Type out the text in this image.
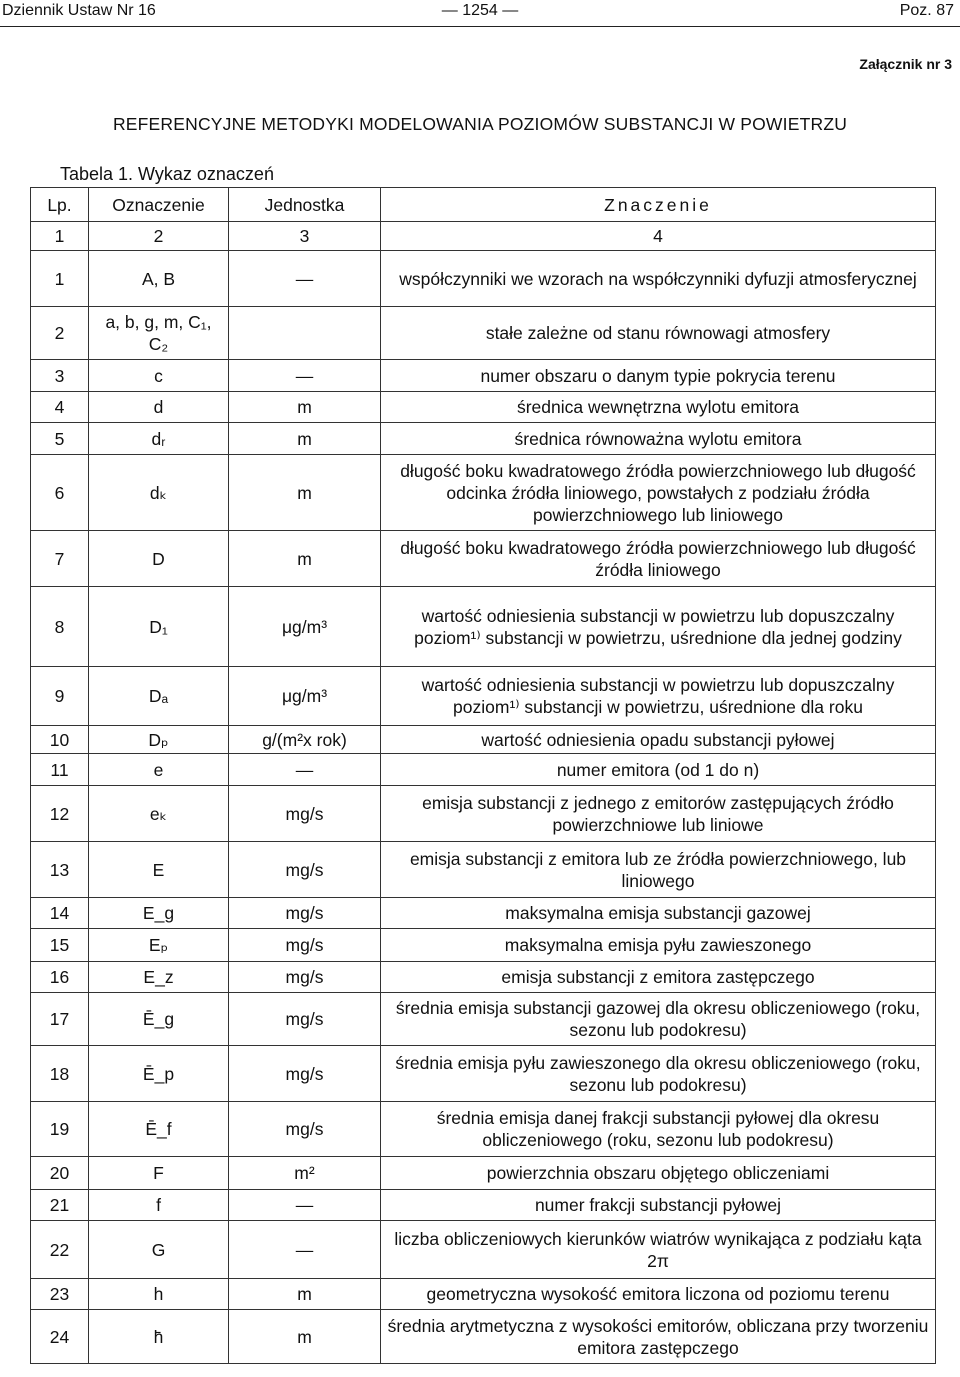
Dziennik Ustaw Nr 16	— 1254 —	Poz. 87
Załącznik nr 3
REFERENCYJNE METODYKI MODELOWANIA POZIOMÓW SUBSTANCJI W POWIETRZU
Tabela 1. Wykaz oznaczeń
Lp.	Oznaczenie	Jednostka	Znaczenie
1	2	3	4
1	A, B	—	współczynniki we wzorach na współczynniki dyfuzji atmosferycznej
2	a, b, g, m, C₁, C₂		stałe zależne od stanu równowagi atmosfery
3	c	—	numer obszaru o danym typie pokrycia terenu
4	d	m	średnica wewnętrzna wylotu emitora
5	dᵣ	m	średnica równoważna wylotu emitora
6	dₖ	m	długość boku kwadratowego źródła powierzchniowego lub długość odcinka źródła liniowego, powstałych z podziału źródła powierzchniowego lub liniowego
7	D	m	długość boku kwadratowego źródła powierzchniowego lub długość źródła liniowego
8	D₁	μg/m³	wartość odniesienia substancji w powietrzu lub dopuszczalny poziom¹⁾ substancji w powietrzu, uśrednione dla jednej godziny
9	Dₐ	μg/m³	wartość odniesienia substancji w powietrzu lub dopuszczalny poziom¹⁾ substancji w powietrzu, uśrednione dla roku
10	Dₚ	g/(m²x rok)	wartość odniesienia opadu substancji pyłowej
11	e	—	numer emitora (od 1 do n)
12	eₖ	mg/s	emisja substancji z jednego z emitorów zastępujących źródło powierzchniowe lub liniowe
13	E	mg/s	emisja substancji z emitora lub ze źródła powierzchniowego, lub liniowego
14	E_g	mg/s	maksymalna emisja substancji gazowej
15	Eₚ	mg/s	maksymalna emisja pyłu zawieszonego
16	E_z	mg/s	emisja substancji z emitora zastępczego
17	Ē_g	mg/s	średnia emisja substancji gazowej dla okresu obliczeniowego (roku, sezonu lub podokresu)
18	Ē_p	mg/s	średnia emisja pyłu zawieszonego dla okresu obliczeniowego (roku, sezonu lub podokresu)
19	Ē_f	mg/s	średnia emisja danej frakcji substancji pyłowej dla okresu obliczeniowego (roku, sezonu lub podokresu)
20	F	m²	powierzchnia obszaru objętego obliczeniami
21	f	—	numer frakcji substancji pyłowej
22	G	—	liczba obliczeniowych kierunków wiatrów wynikająca z podziału kąta 2π
23	h	m	geometryczna wysokość emitora liczona od poziomu terenu
24	h̄	m	średnia arytmetyczna z wysokości emitorów, obliczana przy tworzeniu emitora zastępczego
